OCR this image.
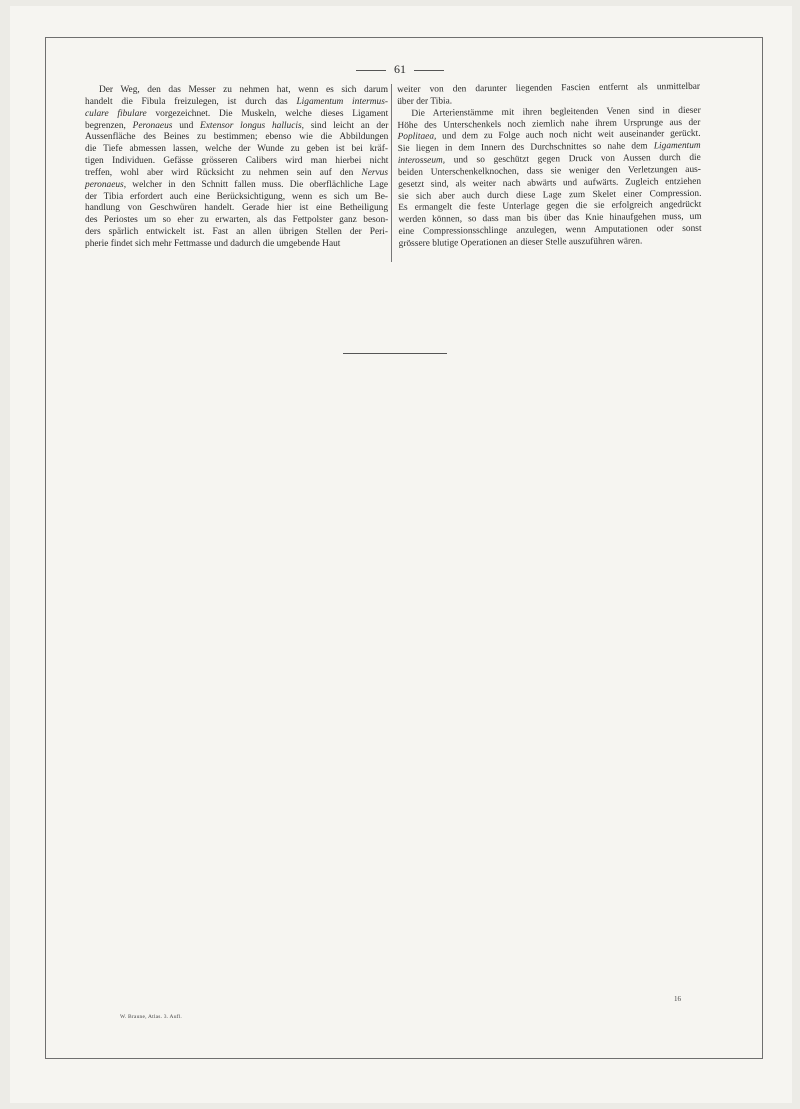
61
Der Weg, den das Messer zu nehmen hat, wenn es sich darum
handelt die Fibula freizulegen, ist durch das Ligamentum intermus-
culare fibulare vorgezeichnet. Die Muskeln, welche dieses Ligament
begrenzen, Peronaeus und Extensor longus hallucis, sind leicht an der
Aussenfläche des Beines zu bestimmen; ebenso wie die Abbildungen
die Tiefe abmessen lassen, welche der Wunde zu geben ist bei kräf-
tigen Individuen. Gefässe grösseren Calibers wird man hierbei nicht
treffen, wohl aber wird Rücksicht zu nehmen sein auf den Nervus
peronaeus, welcher in den Schnitt fallen muss. Die oberflächliche Lage
der Tibia erfordert auch eine Berücksichtigung, wenn es sich um Be-
handlung von Geschwüren handelt. Gerade hier ist eine Betheiligung
des Periostes um so eher zu erwarten, als das Fettpolster ganz beson-
ders spärlich entwickelt ist. Fast an allen übrigen Stellen der Peri-
pherie findet sich mehr Fettmasse und dadurch die umgebende Haut
weiter von den darunter liegenden Fascien entfernt als unmittelbar
über der Tibia.
Die Arterienstämme mit ihren begleitenden Venen sind in dieser
Höhe des Unterschenkels noch ziemlich nahe ihrem Ursprunge aus der
Poplitaea, und dem zu Folge auch noch nicht weit auseinander gerückt.
Sie liegen in dem Innern des Durchschnittes so nahe dem Ligamentum
interosseum, und so geschützt gegen Druck von Aussen durch die
beiden Unterschenkelknochen, dass sie weniger den Verletzungen aus-
gesetzt sind, als weiter nach abwärts und aufwärts. Zugleich entziehen
sie sich aber auch durch diese Lage zum Skelet einer Compression.
Es ermangelt die feste Unterlage gegen die sie erfolgreich angedrückt
werden können, so dass man bis über das Knie hinaufgehen muss, um
eine Compressionsschlinge anzulegen, wenn Amputationen oder sonst
grössere blutige Operationen an dieser Stelle auszuführen wären.
W. Braune, Atlas. 3. Aufl.
16
